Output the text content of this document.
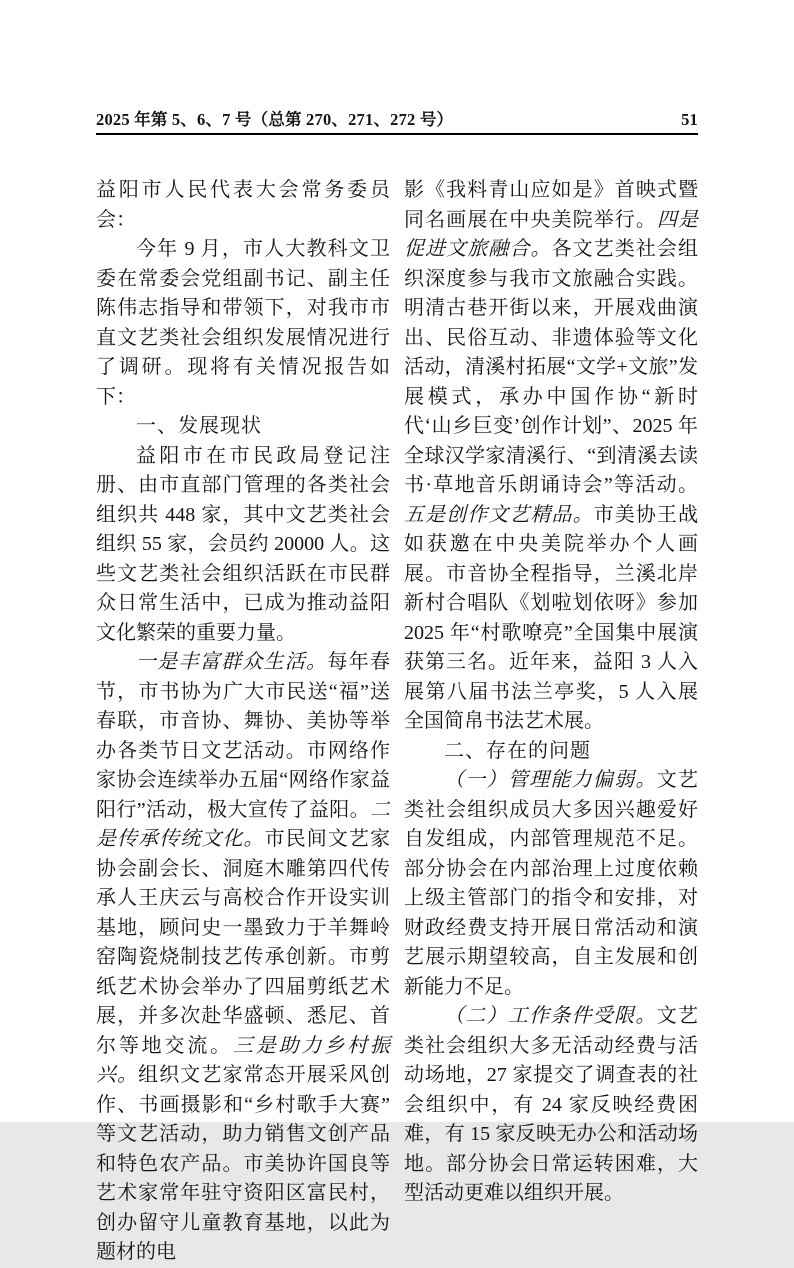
2025 年第 5、6、7 号（总第 270、271、272 号）	51

益阳市人民代表大会常务委员会：

今年 9 月，市人大教科文卫委在常委会党组副书记、副主任陈伟志指导和带领下，对我市市直文艺类社会组织发展情况进行了调研。现将有关情况报告如下：

一、发展现状

益阳市在市民政局登记注册、由市直部门管理的各类社会组织共 448 家，其中文艺类社会组织 55 家，会员约 20000 人。这些文艺类社会组织活跃在市民群众日常生活中，已成为推动益阳文化繁荣的重要力量。

一是丰富群众生活。每年春节，市书协为广大市民送“福”送春联，市音协、舞协、美协等举办各类节日文艺活动。市网络作家协会连续举办五届“网络作家益阳行”活动，极大宣传了益阳。二是传承传统文化。市民间文艺家协会副会长、洞庭木雕第四代传承人王庆云与高校合作开设实训基地，顾问史一墨致力于羊舞岭窑陶瓷烧制技艺传承创新。市剪纸艺术协会举办了四届剪纸艺术展，并多次赴华盛顿、悉尼、首尔等地交流。三是助力乡村振兴。组织文艺家常态开展采风创作、书画摄影和“乡村歌手大赛”等文艺活动，助力销售文创产品和特色农产品。市美协许国良等艺术家常年驻守资阳区富民村，创办留守儿童教育基地，以此为题材的电

影《我料青山应如是》首映式暨同名画展在中央美院举行。四是促进文旅融合。各文艺类社会组织深度参与我市文旅融合实践。明清古巷开街以来，开展戏曲演出、民俗互动、非遗体验等文化活动，清溪村拓展“文学+文旅”发展模式，承办中国作协“新时代‘山乡巨变’创作计划”、2025 年全球汉学家清溪行、“到清溪去读书·草地音乐朗诵诗会”等活动。五是创作文艺精品。市美协王战如获邀在中央美院举办个人画展。市音协全程指导，兰溪北岸新村合唱队《划啦划依呀》参加 2025 年“村歌嘹亮”全国集中展演获第三名。近年来，益阳 3 人入展第八届书法兰亭奖，5 人入展全国简帛书法艺术展。

二、存在的问题

（一）管理能力偏弱。文艺类社会组织成员大多因兴趣爱好自发组成，内部管理规范不足。部分协会在内部治理上过度依赖上级主管部门的指令和安排，对财政经费支持开展日常活动和演艺展示期望较高，自主发展和创新能力不足。

（二）工作条件受限。文艺类社会组织大多无活动经费与活动场地，27 家提交了调查表的社会组织中，有 24 家反映经费困难，有 15 家反映无办公和活动场地。部分协会日常运转困难，大型活动更难以组织开展。
